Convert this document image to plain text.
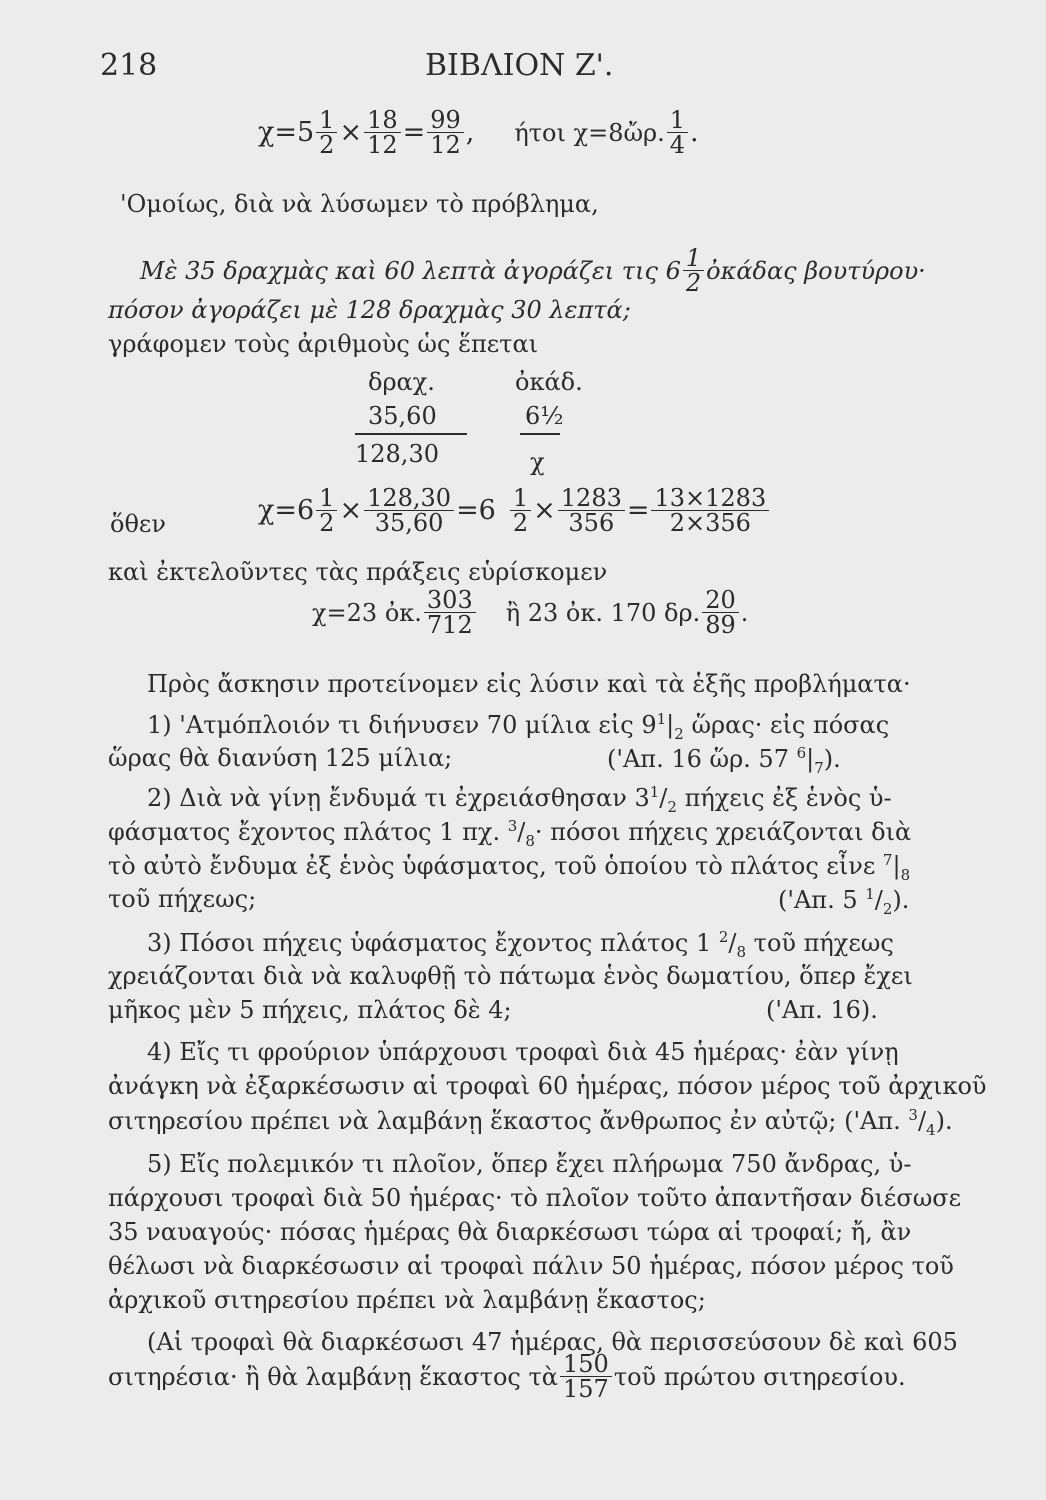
218	ΒΙΒΛΙΟΝ Ζ'.
$\chi=5 \frac{1}{2} \times \frac{18}{12} = \frac{99}{12}$ , ήτοι χ=8ὤρ. $\frac{1}{4}$ .
'Ομοίως, διὰ νὰ λύσωμεν τὸ πρόβλημα,
Μὲ 35 δραχμὰς καὶ 60 λεπτὰ ἀγοράζει τις $6 \frac{1}{2}$ ὀκάδας βουτύρου·
πόσον ἀγοράζει μὲ 128 δραχμὰς 30 λεπτά;
γράφομεν τοὺς ἀριθμοὺς ὡς ἕπεται
δραχ.	ὀκάδ.
35,60	6½
128,30	χ
ὅθεν	$\chi=6 \frac{1}{2} \times \frac{128,30}{35,60} =6 \frac{1}{2} \times \frac{1283}{356} = \frac{13\times 1283}{2\times 356}$
καὶ ἐκτελοῦντες τὰς πράξεις εὑρίσκομεν
χ=23 ὀκ. $\frac{303}{712}$ ἢ 23 ὀκ. 170 δρ. $\frac{20}{89}$ .
Πρὸς ἄσκησιν προτείνομεν εἰς λύσιν καὶ τὰ ἑξῆς προβλήματα·
1) 'Ατμόπλοιόν τι διήνυσεν 70 μίλια εἰς $9^1|_2$ ὥρας· εἰς πόσας
ὥρας θὰ διανύση 125 μίλια;	('Απ. 16 ὥρ. 57 $^6|_7$).
2) Διὰ νὰ γίνῃ ἔνδυμά τι ἐχρειάσθησαν $3^1/_2$ πήχεις ἐξ ἑνὸς ὑ-
φάσματος ἔχοντος πλάτος 1 πχ. $^3/_8\cdot \pi ό\sigma o\iota$ πήχεις χρειάζονται διὰ
τὸ αὐτὸ ἔνδυμα ἐξ ἑνὸς ὑφάσματος, τοῦ ὁποίου τὸ πλάτος εἶνε $^7|_8$
τοῦ πήχεως;	('Απ. 5 $^1/_2$).
3) Πόσοι πήχεις ὑφάσματος ἔχοντος πλάτος 1 $^2/_8$ τοῦ πήχεως
χρειάζονται διὰ νὰ καλυφθῇ τὸ πάτωμα ἑνὸς δωματίου, ὅπερ ἔχει
μῆκος μὲν 5 πήχεις, πλάτος δὲ 4;	('Απ. 16).
4) Εἴς τι φρούριον ὑπάρχουσι τροφαὶ διὰ 45 ἡμέρας· ἐὰν γίνῃ
ἀνάγκη νὰ ἐξαρκέσωσιν αἱ τροφαὶ 60 ἡμέρας, πόσον μέρος τοῦ ἀρχικοῦ
σιτηρεσίου πρέπει νὰ λαμβάνῃ ἕκαστος ἄνθρωπος ἐν αὐτῷ; ('Απ. $^3/_4$).
5) Εἴς πολεμικόν τι πλοῖον, ὅπερ ἔχει πλήρωμα 750 ἄνδρας, ὑ-
πάρχουσι τροφαὶ διὰ 50 ἡμέρας· τὸ πλοῖον τοῦτο ἀπαντῆσαν διέσωσε
35 ναυαγούς· πόσας ἡμέρας θὰ διαρκέσωσι τώρα αἱ τροφαί; ἤ, ἂν
θέλωσι νὰ διαρκέσωσιν αἱ τροφαὶ πάλιν 50 ἡμέρας, πόσον μέρος τοῦ
ἀρχικοῦ σιτηρεσίου πρέπει νὰ λαμβάνῃ ἕκαστος;
(Αἱ τροφαὶ θὰ διαρκέσωσι 47 ἡμέρας, θὰ περισσεύσουν δὲ καὶ 605
σιτηρέσια· ἢ θὰ λαμβάνῃ ἕκαστος τὰ $\frac{150}{157}$ τοῦ πρώτου σιτηρεσίου.
